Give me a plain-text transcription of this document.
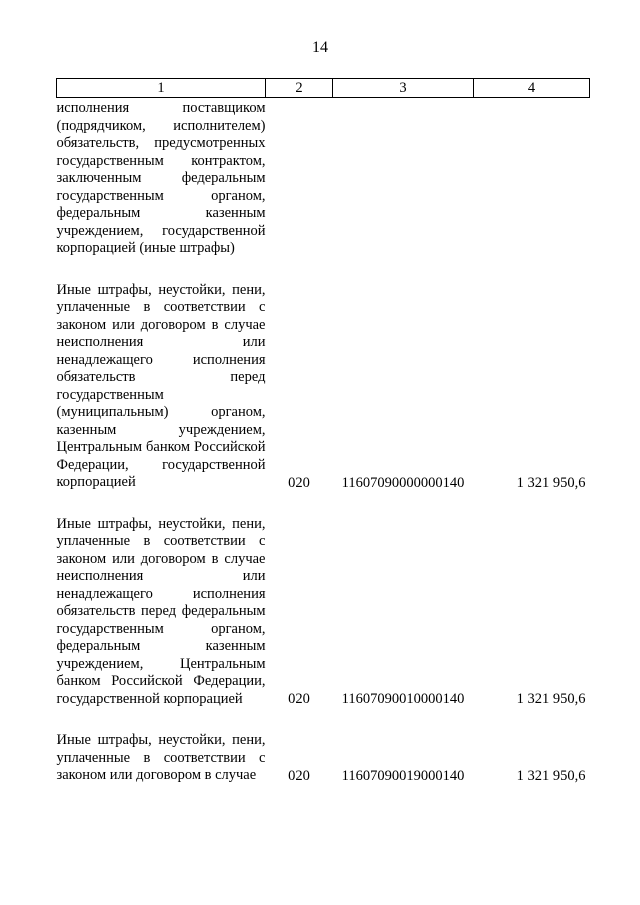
14
1	2	3	4

исполнения поставщиком (подрядчиком, исполнителем) обязательств, предусмотренных государственным контрактом, заключенным федеральным государственным органом, федеральным казенным учреждением, государственной корпорацией (иные штрафы)			

Иные штрафы, неустойки, пени, уплаченные в соответствии с законом или договором в случае неисполнения или ненадлежащего исполнения обязательств перед государственным (муниципальным) органом, казенным учреждением, Центральным банком Российской Федерации, государственной корпорацией	020	11607090000000140	1 321 950,6

Иные штрафы, неустойки, пени, уплаченные в соответствии с законом или договором в случае неисполнения или ненадлежащего исполнения обязательств перед федеральным государственным органом, федеральным казенным учреждением, Центральным банком Российской Федерации, государственной корпорацией	020	11607090010000140	1 321 950,6

Иные штрафы, неустойки, пени, уплаченные в соответствии с законом или договором в случае	020	11607090019000140	1 321 950,6
